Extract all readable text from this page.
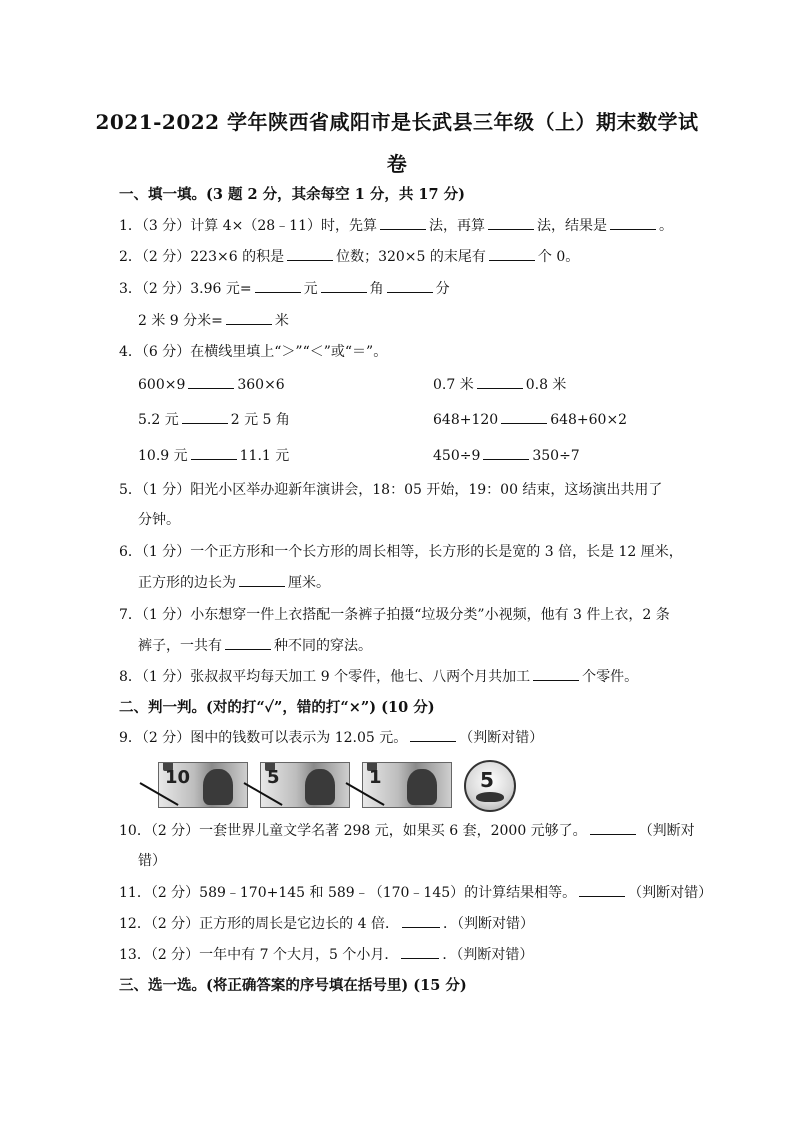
2021-2022 学年陕西省咸阳市是长武县三年级（上）期末数学试
卷
一、填一填。(3 题 2 分，其余每空 1 分，共 17 分)
1．（3 分）计算 4×（28﹣11）时，先算	法，再算	法，结果是	。
2．（2 分）223×6 的积是	位数；320×5 的末尾有	个 0。
3．（2 分）3.96 元=	元	角	分
2 米 9 分米=	米
4．（6 分）在横线里填上“＞”“＜”或“＝”。
600×9	360×6	0.7 米	0.8 米
5.2 元	2 元 5 角	648+120	648+60×2
10.9 元	11.1 元	450÷9	350÷7
5．（1 分）阳光小区举办迎新年演讲会，18：05 开始，19：00 结束，这场演出共用了
分钟。
6．（1 分）一个正方形和一个长方形的周长相等，长方形的长是宽的 3 倍，长是 12 厘米，
正方形的边长为	厘米。
7．（1 分）小东想穿一件上衣搭配一条裤子拍摄“垃圾分类”小视频，他有 3 件上衣，2 条
裤子，一共有	种不同的穿法。
8．（1 分）张叔叔平均每天加工 9 个零件，他七、八两个月共加工	个零件。
二、判一判。(对的打“✓”，错的打“×”) (10 分)
9．（2 分）图中的钱数可以表示为 12.05 元。	（判断对错）
10	5	1	5
10．（2 分）一套世界儿童文学名著 298 元，如果买 6 套，2000 元够了。	（判断对
错）
11．（2 分）589﹣170+145 和 589﹣（170﹣145）的计算结果相等。	（判断对错）
12．（2 分）正方形的周长是它边长的 4 倍．	．（判断对错）
13．（2 分）一年中有 7 个大月，5 个小月．	．（判断对错）
三、选一选。(将正确答案的序号填在括号里) (15 分)
